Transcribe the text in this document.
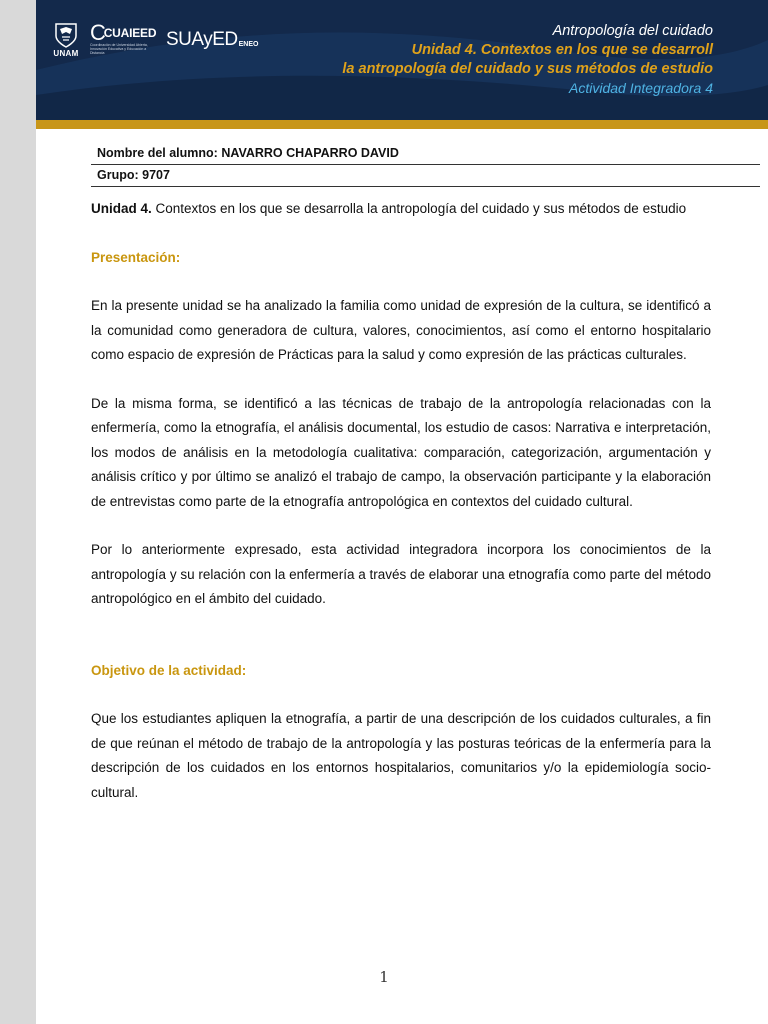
UNAM
CCUAIEED
Coordinación de Universidad Abierta, Innovación Educativa y Educación a Distancia
SUAyED ENEO
Antropología del cuidado
Unidad 4. Contextos en los que se desarroll
la antropología del cuidado y sus métodos de estudio
Actividad Integradora 4
Nombre del alumno: NAVARRO CHAPARRO DAVID
Grupo: 9707

Unidad 4. Contextos en los que se desarrolla la antropología del cuidado y sus métodos de estudio

Presentación:

En la presente unidad se ha analizado la familia como unidad de expresión de la cultura, se identificó a la comunidad como generadora de cultura, valores, conocimientos, así como el entorno hospitalario como espacio de expresión de Prácticas para la salud y como expresión de las prácticas culturales.

De la misma forma, se identificó a las técnicas de trabajo de la antropología relacionadas con la enfermería, como la etnografía, el análisis documental, los estudio de casos: Narrativa e interpretación, los modos de análisis en la metodología cualitativa: comparación, categorización, argumentación y análisis crítico y por último se analizó el trabajo de campo, la observación participante y la elaboración de entrevistas como parte de la etnografía antropológica en contextos del cuidado cultural.

Por lo anteriormente expresado, esta actividad integradora incorpora los conocimientos de la antropología y su relación con la enfermería a través de elaborar una etnografía como parte del método antropológico en el ámbito del cuidado.

Objetivo de la actividad:

Que los estudiantes apliquen la etnografía, a partir de una descripción de los cuidados culturales, a fin de que reúnan el método de trabajo de la antropología y las posturas teóricas de la enfermería para la descripción de los cuidados en los entornos hospitalarios, comunitarios y/o la epidemiología socio-cultural.

1
